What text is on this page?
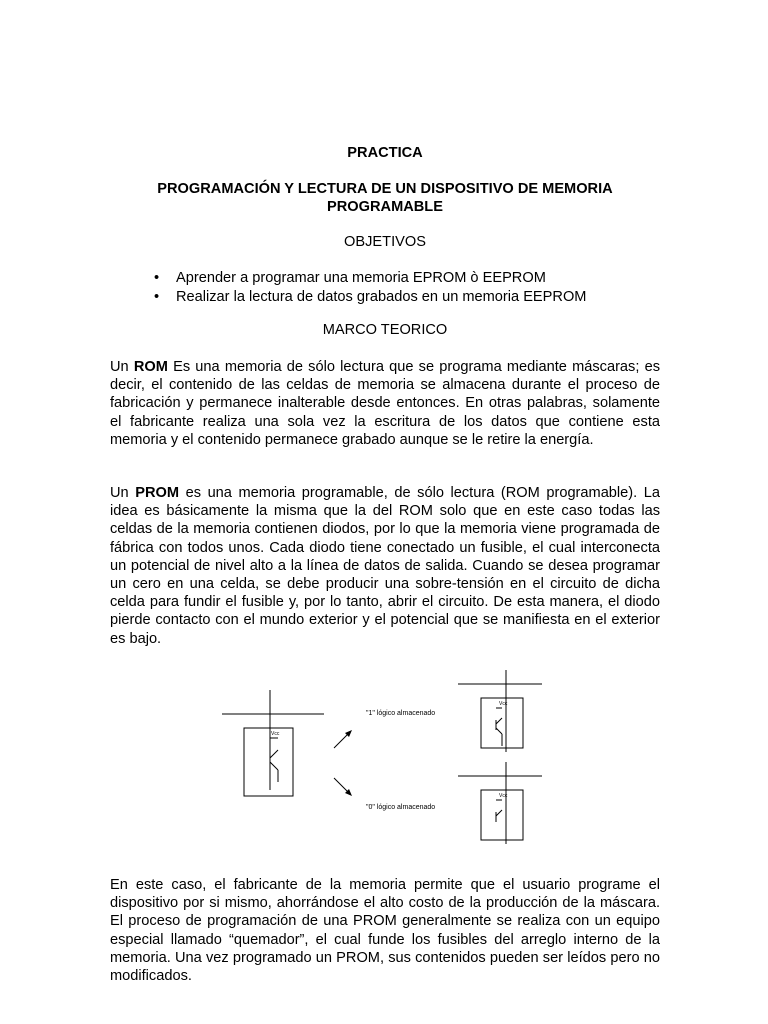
PRACTICA
PROGRAMACIÓN Y LECTURA DE UN DISPOSITIVO DE MEMORIA
PROGRAMABLE
OBJETIVOS
• Aprender a programar una memoria EPROM ò EEPROM
• Realizar la lectura de datos grabados en un memoria EEPROM
MARCO TEORICO

Un ROM Es una memoria de sólo lectura que se programa mediante máscaras; es decir, el contenido de las celdas de memoria se almacena durante el proceso de fabricación y permanece inalterable desde entonces. En otras palabras, solamente el fabricante realiza una sola vez la escritura de los datos que contiene esta memoria y el contenido permanece grabado aunque se le retire la energía.

Un PROM es una memoria programable, de sólo lectura (ROM programable). La idea es básicamente la misma que la del ROM solo que en este caso todas las celdas de la memoria contienen diodos, por lo que la memoria viene programada de fábrica con todos unos. Cada diodo tiene conectado un fusible, el cual interconecta un potencial de nivel alto a la línea de datos de salida. Cuando se desea programar un cero en una celda, se debe producir una sobre-tensión en el circuito de dicha celda para fundir el fusible y, por lo tanto, abrir el circuito. De esta manera, el diodo pierde contacto con el mundo exterior y el potencial que se manifiesta en el exterior es bajo.

Vcc
Vcc
Vcc
"1" lógico almacenado
"0" lógico almacenado

En este caso, el fabricante de la memoria permite que el usuario programe el dispositivo por si mismo, ahorrándose el alto costo de la producción de la máscara. El proceso de programación de una PROM generalmente se realiza con un equipo especial llamado “quemador”, el cual funde los fusibles del arreglo interno de la memoria. Una vez programado un PROM, sus contenidos pueden ser leídos pero no modificados.
